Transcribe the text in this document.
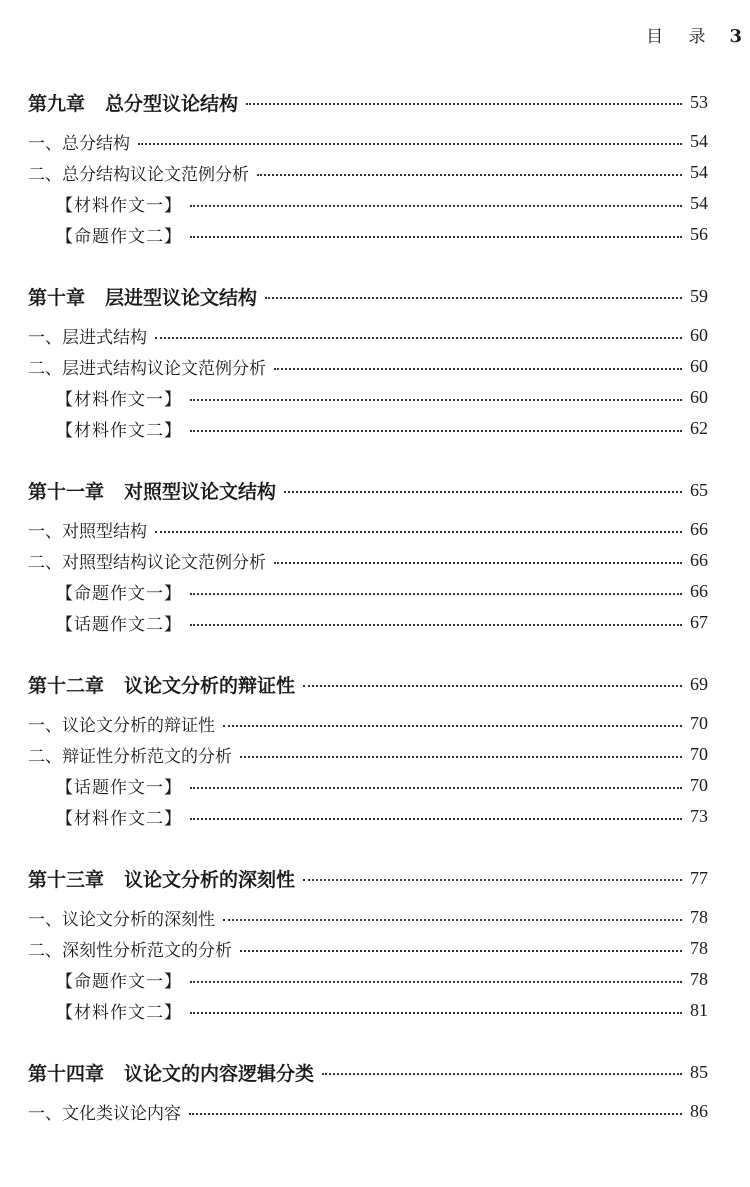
目 录 3
第九章 总分型议论结构	53
一、总分结构	54
二、总分结构议论文范例分析	54
【材料作文一】	54
【命题作文二】	56
第十章 层进型议论文结构	59
一、层进式结构	60
二、层进式结构议论文范例分析	60
【材料作文一】	60
【材料作文二】	62
第十一章 对照型议论文结构	65
一、对照型结构	66
二、对照型结构议论文范例分析	66
【命题作文一】	66
【话题作文二】	67
第十二章 议论文分析的辩证性	69
一、议论文分析的辩证性	70
二、辩证性分析范文的分析	70
【话题作文一】	70
【材料作文二】	73
第十三章 议论文分析的深刻性	77
一、议论文分析的深刻性	78
二、深刻性分析范文的分析	78
【命题作文一】	78
【材料作文二】	81
第十四章 议论文的内容逻辑分类	85
一、文化类议论内容	86
